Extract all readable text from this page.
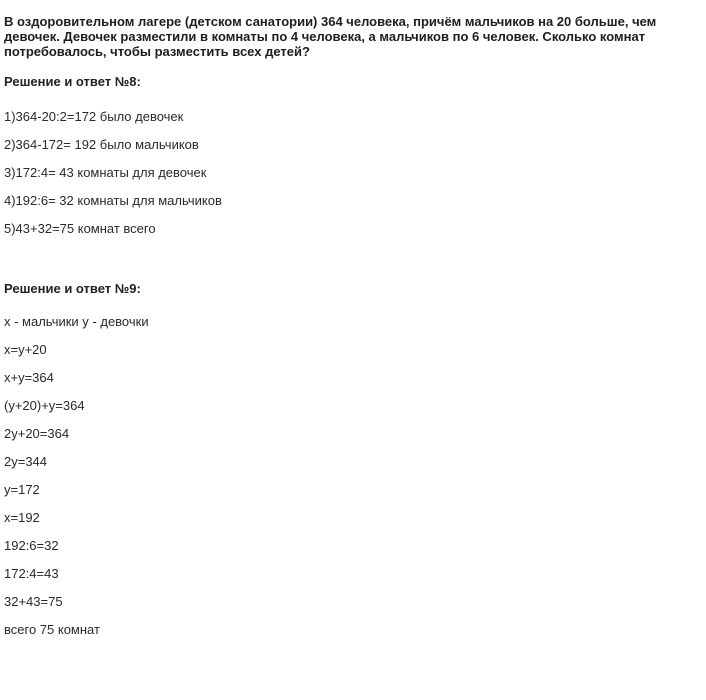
В оздоровительном лагере (детском санатории) 364 человека, причём мальчиков на 20 больше, чем девочек. Девочек разместили в комнаты по 4 человека, а мальчиков по 6 человек. Сколько комнат потребовалось, чтобы разместить всех детей?
Решение и ответ №8:
1)364-20:2=172 было девочек
2)364-172= 192 было мальчиков
3)172:4= 43 комнаты для девочек
4)192:6= 32 комнаты для мальчиков
5)43+32=75 комнат всего
Решение и ответ №9:
x - мальчики y - девочки
x=y+20
x+y=364
(y+20)+y=364
2y+20=364
2y=344
y=172
x=192
192:6=32
172:4=43
32+43=75
всего 75 комнат
